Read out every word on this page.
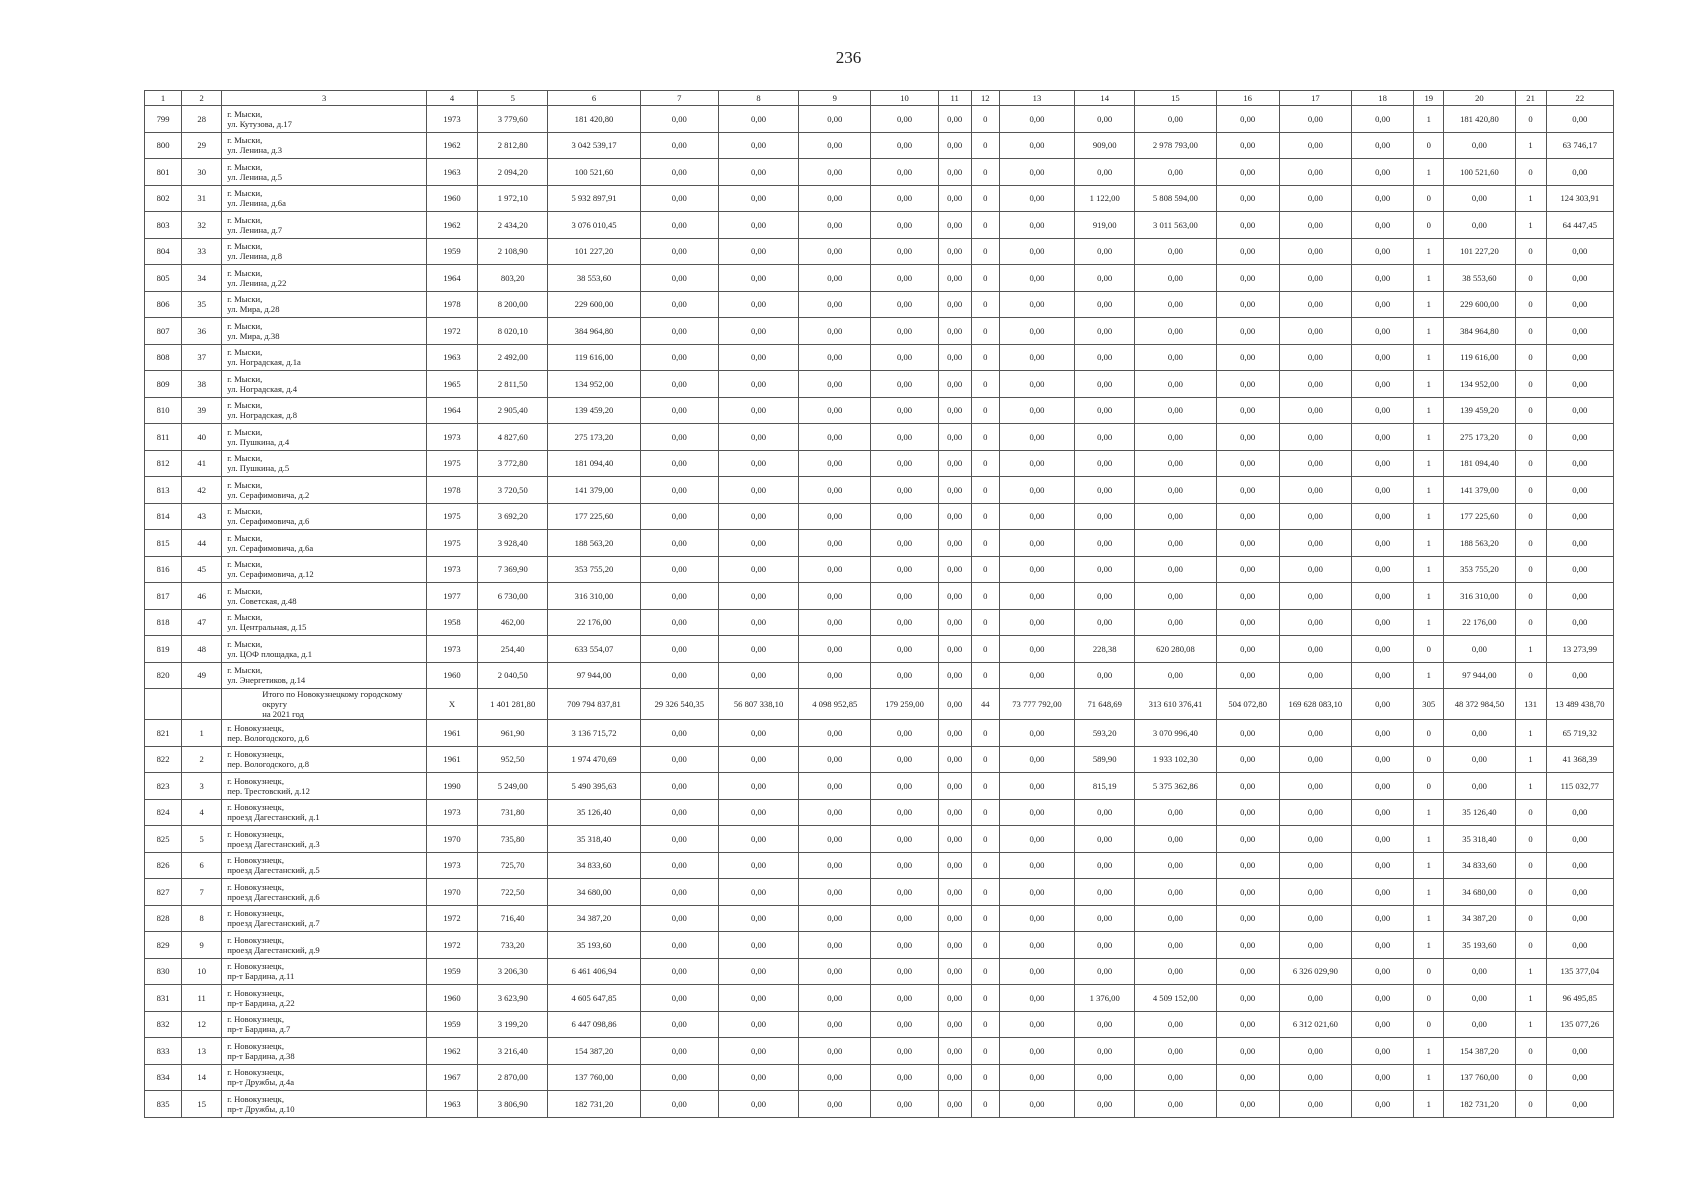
236
1	2	3	4	5	6	7	8	9	10	11	12	13	14	15	16	17	18	19	20	21	22
799	28	г. Мыски,
ул. Кутузова, д.17	1973	3 779,60	181 420,80	0,00	0,00	0,00	0,00	0,00	0	0,00	0,00	0,00	0,00	0,00	0,00	1	181 420,80	0	0,00
800	29	г. Мыски,
ул. Ленина, д.3	1962	2 812,80	3 042 539,17	0,00	0,00	0,00	0,00	0,00	0	0,00	909,00	2 978 793,00	0,00	0,00	0,00	0	0,00	1	63 746,17
801	30	г. Мыски,
ул. Ленина, д.5	1963	2 094,20	100 521,60	0,00	0,00	0,00	0,00	0,00	0	0,00	0,00	0,00	0,00	0,00	0,00	1	100 521,60	0	0,00
802	31	г. Мыски,
ул. Ленина, д.6а	1960	1 972,10	5 932 897,91	0,00	0,00	0,00	0,00	0,00	0	0,00	1 122,00	5 808 594,00	0,00	0,00	0,00	0	0,00	1	124 303,91
803	32	г. Мыски,
ул. Ленина, д.7	1962	2 434,20	3 076 010,45	0,00	0,00	0,00	0,00	0,00	0	0,00	919,00	3 011 563,00	0,00	0,00	0,00	0	0,00	1	64 447,45
804	33	г. Мыски,
ул. Ленина, д.8	1959	2 108,90	101 227,20	0,00	0,00	0,00	0,00	0,00	0	0,00	0,00	0,00	0,00	0,00	0,00	1	101 227,20	0	0,00
805	34	г. Мыски,
ул. Ленина, д.22	1964	803,20	38 553,60	0,00	0,00	0,00	0,00	0,00	0	0,00	0,00	0,00	0,00	0,00	0,00	1	38 553,60	0	0,00
806	35	г. Мыски,
ул. Мира, д.28	1978	8 200,00	229 600,00	0,00	0,00	0,00	0,00	0,00	0	0,00	0,00	0,00	0,00	0,00	0,00	1	229 600,00	0	0,00
807	36	г. Мыски,
ул. Мира, д.38	1972	8 020,10	384 964,80	0,00	0,00	0,00	0,00	0,00	0	0,00	0,00	0,00	0,00	0,00	0,00	1	384 964,80	0	0,00
808	37	г. Мыски,
ул. Ноградская, д.1а	1963	2 492,00	119 616,00	0,00	0,00	0,00	0,00	0,00	0	0,00	0,00	0,00	0,00	0,00	0,00	1	119 616,00	0	0,00
809	38	г. Мыски,
ул. Ноградская, д.4	1965	2 811,50	134 952,00	0,00	0,00	0,00	0,00	0,00	0	0,00	0,00	0,00	0,00	0,00	0,00	1	134 952,00	0	0,00
810	39	г. Мыски,
ул. Ноградская, д.8	1964	2 905,40	139 459,20	0,00	0,00	0,00	0,00	0,00	0	0,00	0,00	0,00	0,00	0,00	0,00	1	139 459,20	0	0,00
811	40	г. Мыски,
ул. Пушкина, д.4	1973	4 827,60	275 173,20	0,00	0,00	0,00	0,00	0,00	0	0,00	0,00	0,00	0,00	0,00	0,00	1	275 173,20	0	0,00
812	41	г. Мыски,
ул. Пушкина, д.5	1975	3 772,80	181 094,40	0,00	0,00	0,00	0,00	0,00	0	0,00	0,00	0,00	0,00	0,00	0,00	1	181 094,40	0	0,00
813	42	г. Мыски,
ул. Серафимовича, д.2	1978	3 720,50	141 379,00	0,00	0,00	0,00	0,00	0,00	0	0,00	0,00	0,00	0,00	0,00	0,00	1	141 379,00	0	0,00
814	43	г. Мыски,
ул. Серафимовича, д.6	1975	3 692,20	177 225,60	0,00	0,00	0,00	0,00	0,00	0	0,00	0,00	0,00	0,00	0,00	0,00	1	177 225,60	0	0,00
815	44	г. Мыски,
ул. Серафимовича, д.6а	1975	3 928,40	188 563,20	0,00	0,00	0,00	0,00	0,00	0	0,00	0,00	0,00	0,00	0,00	0,00	1	188 563,20	0	0,00
816	45	г. Мыски,
ул. Серафимовича, д.12	1973	7 369,90	353 755,20	0,00	0,00	0,00	0,00	0,00	0	0,00	0,00	0,00	0,00	0,00	0,00	1	353 755,20	0	0,00
817	46	г. Мыски,
ул. Советская, д.48	1977	6 730,00	316 310,00	0,00	0,00	0,00	0,00	0,00	0	0,00	0,00	0,00	0,00	0,00	0,00	1	316 310,00	0	0,00
818	47	г. Мыски,
ул. Центральная, д.15	1958	462,00	22 176,00	0,00	0,00	0,00	0,00	0,00	0	0,00	0,00	0,00	0,00	0,00	0,00	1	22 176,00	0	0,00
819	48	г. Мыски,
ул. ЦОФ площадка, д.1	1973	254,40	633 554,07	0,00	0,00	0,00	0,00	0,00	0	0,00	228,38	620 280,08	0,00	0,00	0,00	0	0,00	1	13 273,99
820	49	г. Мыски,
ул. Энергетиков, д.14	1960	2 040,50	97 944,00	0,00	0,00	0,00	0,00	0,00	0	0,00	0,00	0,00	0,00	0,00	0,00	1	97 944,00	0	0,00

		Итого по Новокузнецкому городскому округу
на 2021 год	Х	1 401 281,80	709 794 837,81	29 326 540,35	56 807 338,10	4 098 952,85	179 259,00	0,00	44	73 777 792,00	71 648,69	313 610 376,41	504 072,80	169 628 083,10	0,00	305	48 372 984,50	131	13 489 438,70
821	1	г. Новокузнецк,
пер. Вологодского, д.6	1961	961,90	3 136 715,72	0,00	0,00	0,00	0,00	0,00	0	0,00	593,20	3 070 996,40	0,00	0,00	0,00	0	0,00	1	65 719,32
822	2	г. Новокузнецк,
пер. Вологодского, д.8	1961	952,50	1 974 470,69	0,00	0,00	0,00	0,00	0,00	0	0,00	589,90	1 933 102,30	0,00	0,00	0,00	0	0,00	1	41 368,39
823	3	г. Новокузнецк,
пер. Трестовский, д.12	1990	5 249,00	5 490 395,63	0,00	0,00	0,00	0,00	0,00	0	0,00	815,19	5 375 362,86	0,00	0,00	0,00	0	0,00	1	115 032,77
824	4	г. Новокузнецк,
проезд Дагестанский, д.1	1973	731,80	35 126,40	0,00	0,00	0,00	0,00	0,00	0	0,00	0,00	0,00	0,00	0,00	0,00	1	35 126,40	0	0,00
825	5	г. Новокузнецк,
проезд Дагестанский, д.3	1970	735,80	35 318,40	0,00	0,00	0,00	0,00	0,00	0	0,00	0,00	0,00	0,00	0,00	0,00	1	35 318,40	0	0,00
826	6	г. Новокузнецк,
проезд Дагестанский, д.5	1973	725,70	34 833,60	0,00	0,00	0,00	0,00	0,00	0	0,00	0,00	0,00	0,00	0,00	0,00	1	34 833,60	0	0,00
827	7	г. Новокузнецк,
проезд Дагестанский, д.6	1970	722,50	34 680,00	0,00	0,00	0,00	0,00	0,00	0	0,00	0,00	0,00	0,00	0,00	0,00	1	34 680,00	0	0,00
828	8	г. Новокузнецк,
проезд Дагестанский, д.7	1972	716,40	34 387,20	0,00	0,00	0,00	0,00	0,00	0	0,00	0,00	0,00	0,00	0,00	0,00	1	34 387,20	0	0,00
829	9	г. Новокузнецк,
проезд Дагестанский, д.9	1972	733,20	35 193,60	0,00	0,00	0,00	0,00	0,00	0	0,00	0,00	0,00	0,00	0,00	0,00	1	35 193,60	0	0,00
830	10	г. Новокузнецк,
пр-т Бардина, д.11	1959	3 206,30	6 461 406,94	0,00	0,00	0,00	0,00	0,00	0	0,00	0,00	0,00	0,00	6 326 029,90	0,00	0	0,00	1	135 377,04
831	11	г. Новокузнецк,
пр-т Бардина, д.22	1960	3 623,90	4 605 647,85	0,00	0,00	0,00	0,00	0,00	0	0,00	1 376,00	4 509 152,00	0,00	0,00	0,00	0	0,00	1	96 495,85
832	12	г. Новокузнецк,
пр-т Бардина, д.7	1959	3 199,20	6 447 098,86	0,00	0,00	0,00	0,00	0,00	0	0,00	0,00	0,00	0,00	6 312 021,60	0,00	0	0,00	1	135 077,26
833	13	г. Новокузнецк,
пр-т Бардина, д.38	1962	3 216,40	154 387,20	0,00	0,00	0,00	0,00	0,00	0	0,00	0,00	0,00	0,00	0,00	0,00	1	154 387,20	0	0,00
834	14	г. Новокузнецк,
пр-т Дружбы, д.4а	1967	2 870,00	137 760,00	0,00	0,00	0,00	0,00	0,00	0	0,00	0,00	0,00	0,00	0,00	0,00	1	137 760,00	0	0,00
835	15	г. Новокузнецк,
пр-т Дружбы, д.10	1963	3 806,90	182 731,20	0,00	0,00	0,00	0,00	0,00	0	0,00	0,00	0,00	0,00	0,00	0,00	1	182 731,20	0	0,00
